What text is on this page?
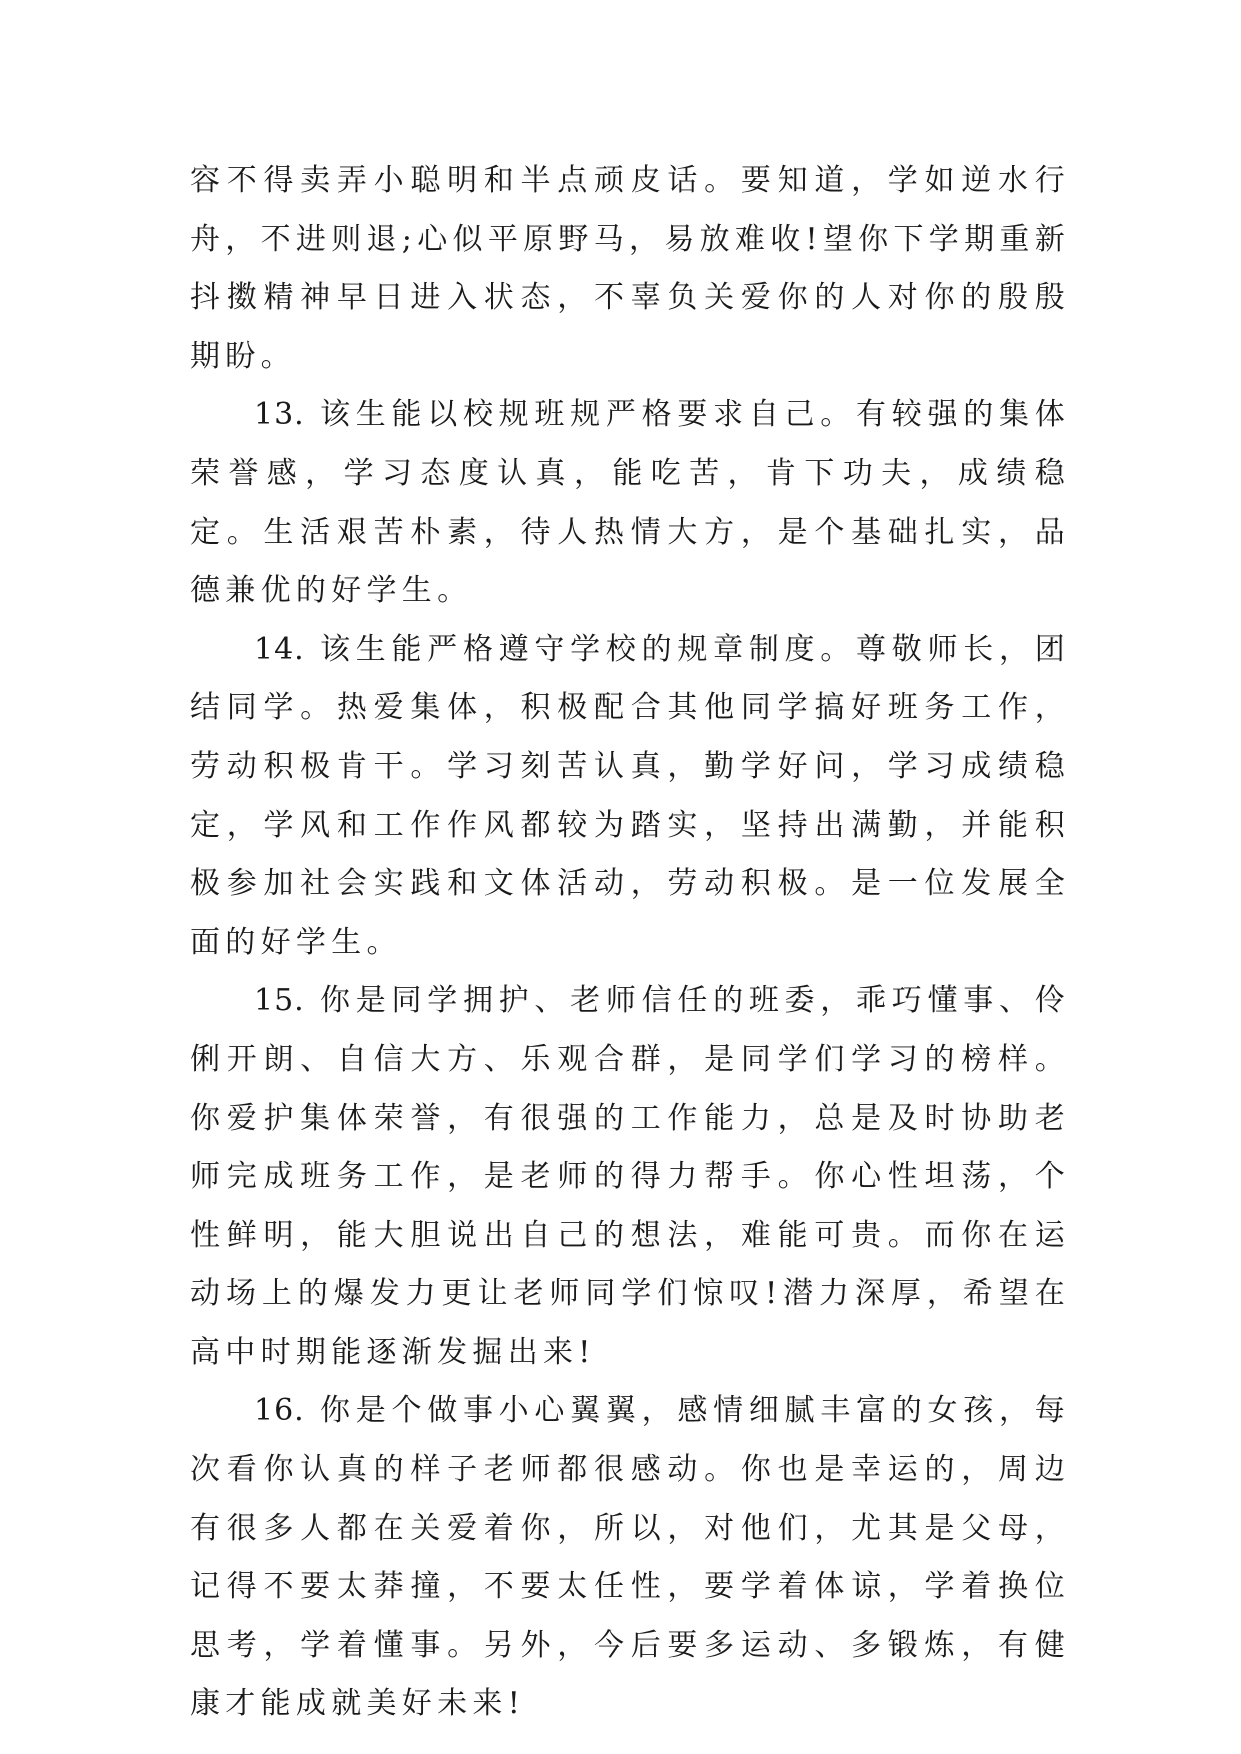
容不得卖弄小聪明和半点顽皮话。要知道，学如逆水行舟，不进则退;心似平原野马，易放难收!望你下学期重新抖擞精神早日进入状态，不辜负关爱你的人对你的殷殷期盼。

13. 该生能以校规班规严格要求自己。有较强的集体荣誉感，学习态度认真，能吃苦，肯下功夫，成绩稳定。生活艰苦朴素，待人热情大方，是个基础扎实，品德兼优的好学生。

14. 该生能严格遵守学校的规章制度。尊敬师长，团结同学。热爱集体，积极配合其他同学搞好班务工作，劳动积极肯干。学习刻苦认真，勤学好问，学习成绩稳定，学风和工作作风都较为踏实，坚持出满勤，并能积极参加社会实践和文体活动，劳动积极。是一位发展全面的好学生。

15. 你是同学拥护、老师信任的班委，乖巧懂事、伶俐开朗、自信大方、乐观合群，是同学们学习的榜样。你爱护集体荣誉，有很强的工作能力，总是及时协助老师完成班务工作，是老师的得力帮手。你心性坦荡，个性鲜明，能大胆说出自己的想法，难能可贵。而你在运动场上的爆发力更让老师同学们惊叹!潜力深厚，希望在高中时期能逐渐发掘出来!

16. 你是个做事小心翼翼，感情细腻丰富的女孩，每次看你认真的样子老师都很感动。你也是幸运的，周边有很多人都在关爱着你，所以，对他们，尤其是父母，记得不要太莽撞，不要太任性，要学着体谅，学着换位思考，学着懂事。另外，今后要多运动、多锻炼，有健康才能成就美好未来!
